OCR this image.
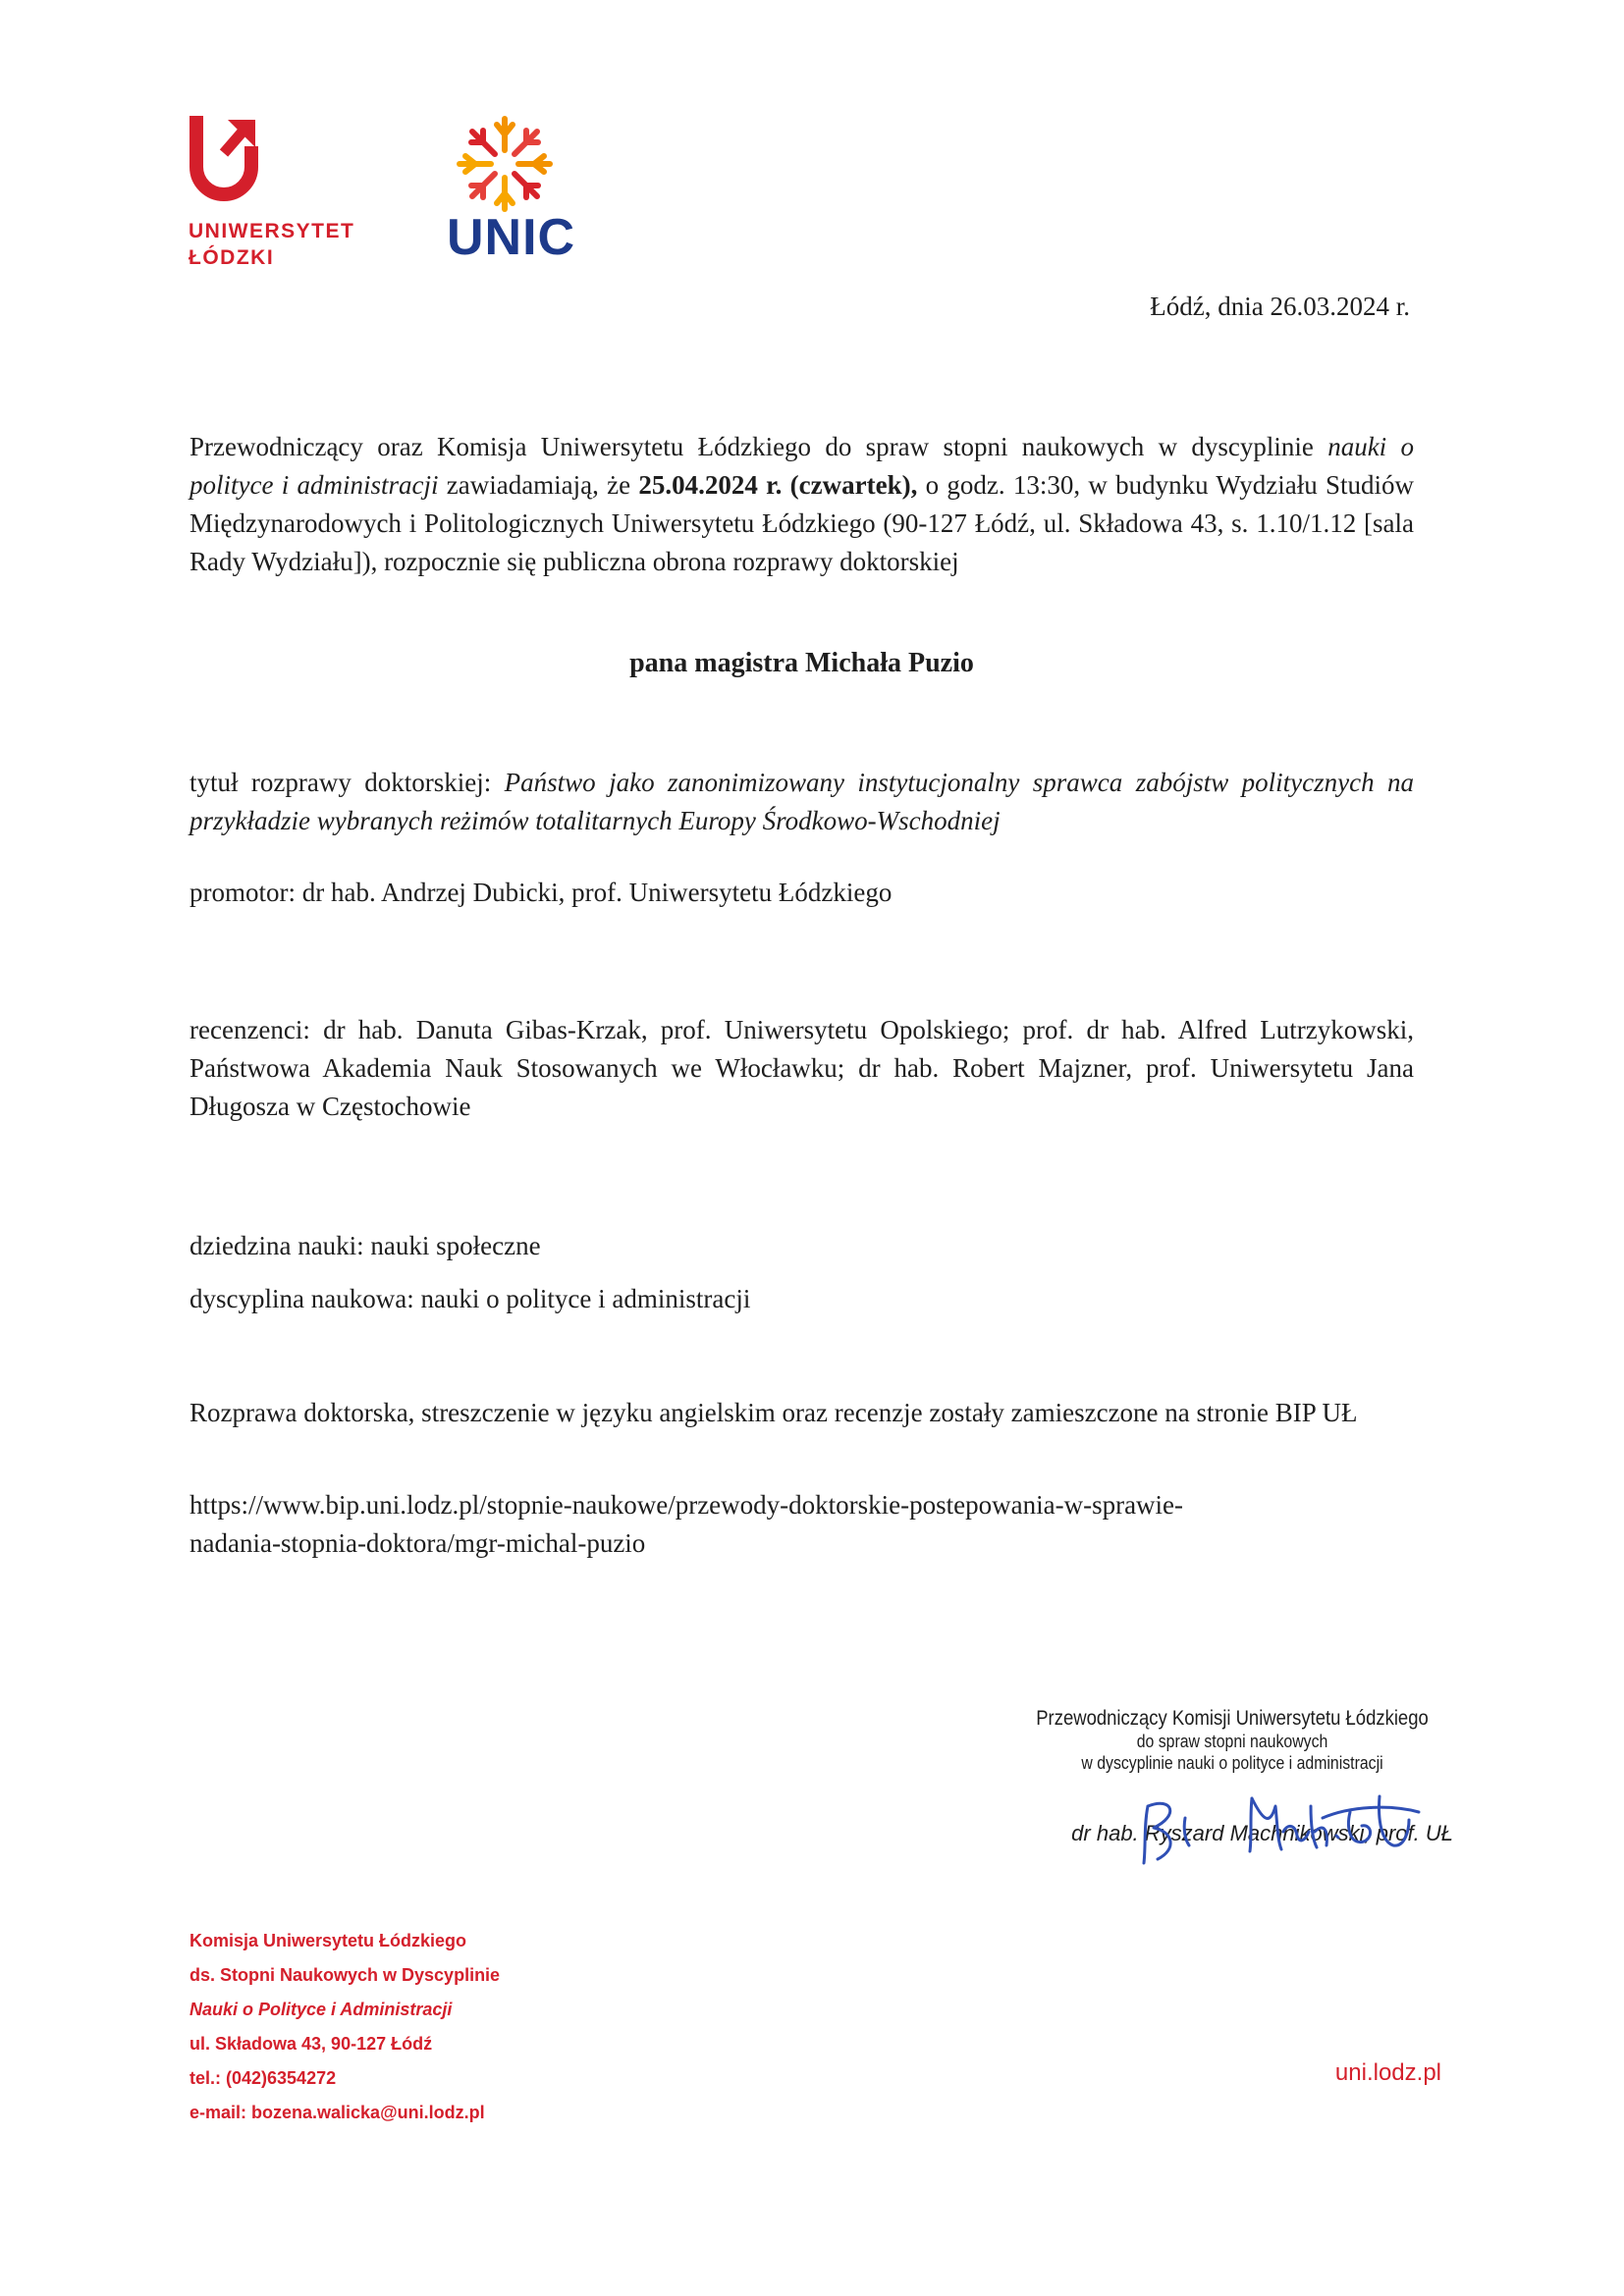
UNIWERSYTET
ŁÓDZKI	UNIC
Łódź, dnia 26.03.2024 r.
Przewodniczący oraz Komisja Uniwersytetu Łódzkiego do spraw stopni naukowych w dyscyplinie nauki o polityce i administracji zawiadamiają, że 25.04.2024 r. (czwartek), o godz. 13:30, w budynku Wydziału Studiów Międzynarodowych i Politologicznych Uniwersytetu Łódzkiego (90-127 Łódź, ul. Składowa 43, s. 1.10/1.12 [sala Rady Wydziału]), rozpocznie się publiczna obrona rozprawy doktorskiej
pana magistra Michała Puzio
tytuł rozprawy doktorskiej: Państwo jako zanonimizowany instytucjonalny sprawca zabójstw politycznych na przykładzie wybranych reżimów totalitarnych Europy Środkowo-Wschodniej
promotor: dr hab. Andrzej Dubicki, prof. Uniwersytetu Łódzkiego
recenzenci: dr hab. Danuta Gibas-Krzak, prof. Uniwersytetu Opolskiego; prof. dr hab. Alfred Lutrzykowski, Państwowa Akademia Nauk Stosowanych we Włocławku; dr hab. Robert Majzner, prof. Uniwersytetu Jana Długosza w Częstochowie
dziedzina nauki: nauki społeczne
dyscyplina naukowa: nauki o polityce i administracji
Rozprawa doktorska, streszczenie w języku angielskim oraz recenzje zostały zamieszczone na stronie BIP UŁ
https://www.bip.uni.lodz.pl/stopnie-naukowe/przewody-doktorskie-postepowania-w-sprawie-
nadania-stopnia-doktora/mgr-michal-puzio
Przewodniczący Komisji Uniwersytetu Łódzkiego
do spraw stopni naukowych
w dyscyplinie nauki o polityce i administracji
dr hab. Ryszard Machnikowski, prof. UŁ
Komisja Uniwersytetu Łódzkiego
ds. Stopni Naukowych w Dyscyplinie
Nauki o Polityce i Administracji
ul. Składowa 43, 90-127 Łódź
tel.: (042)6354272
e-mail: bozena.walicka@uni.lodz.pl
uni.lodz.pl
